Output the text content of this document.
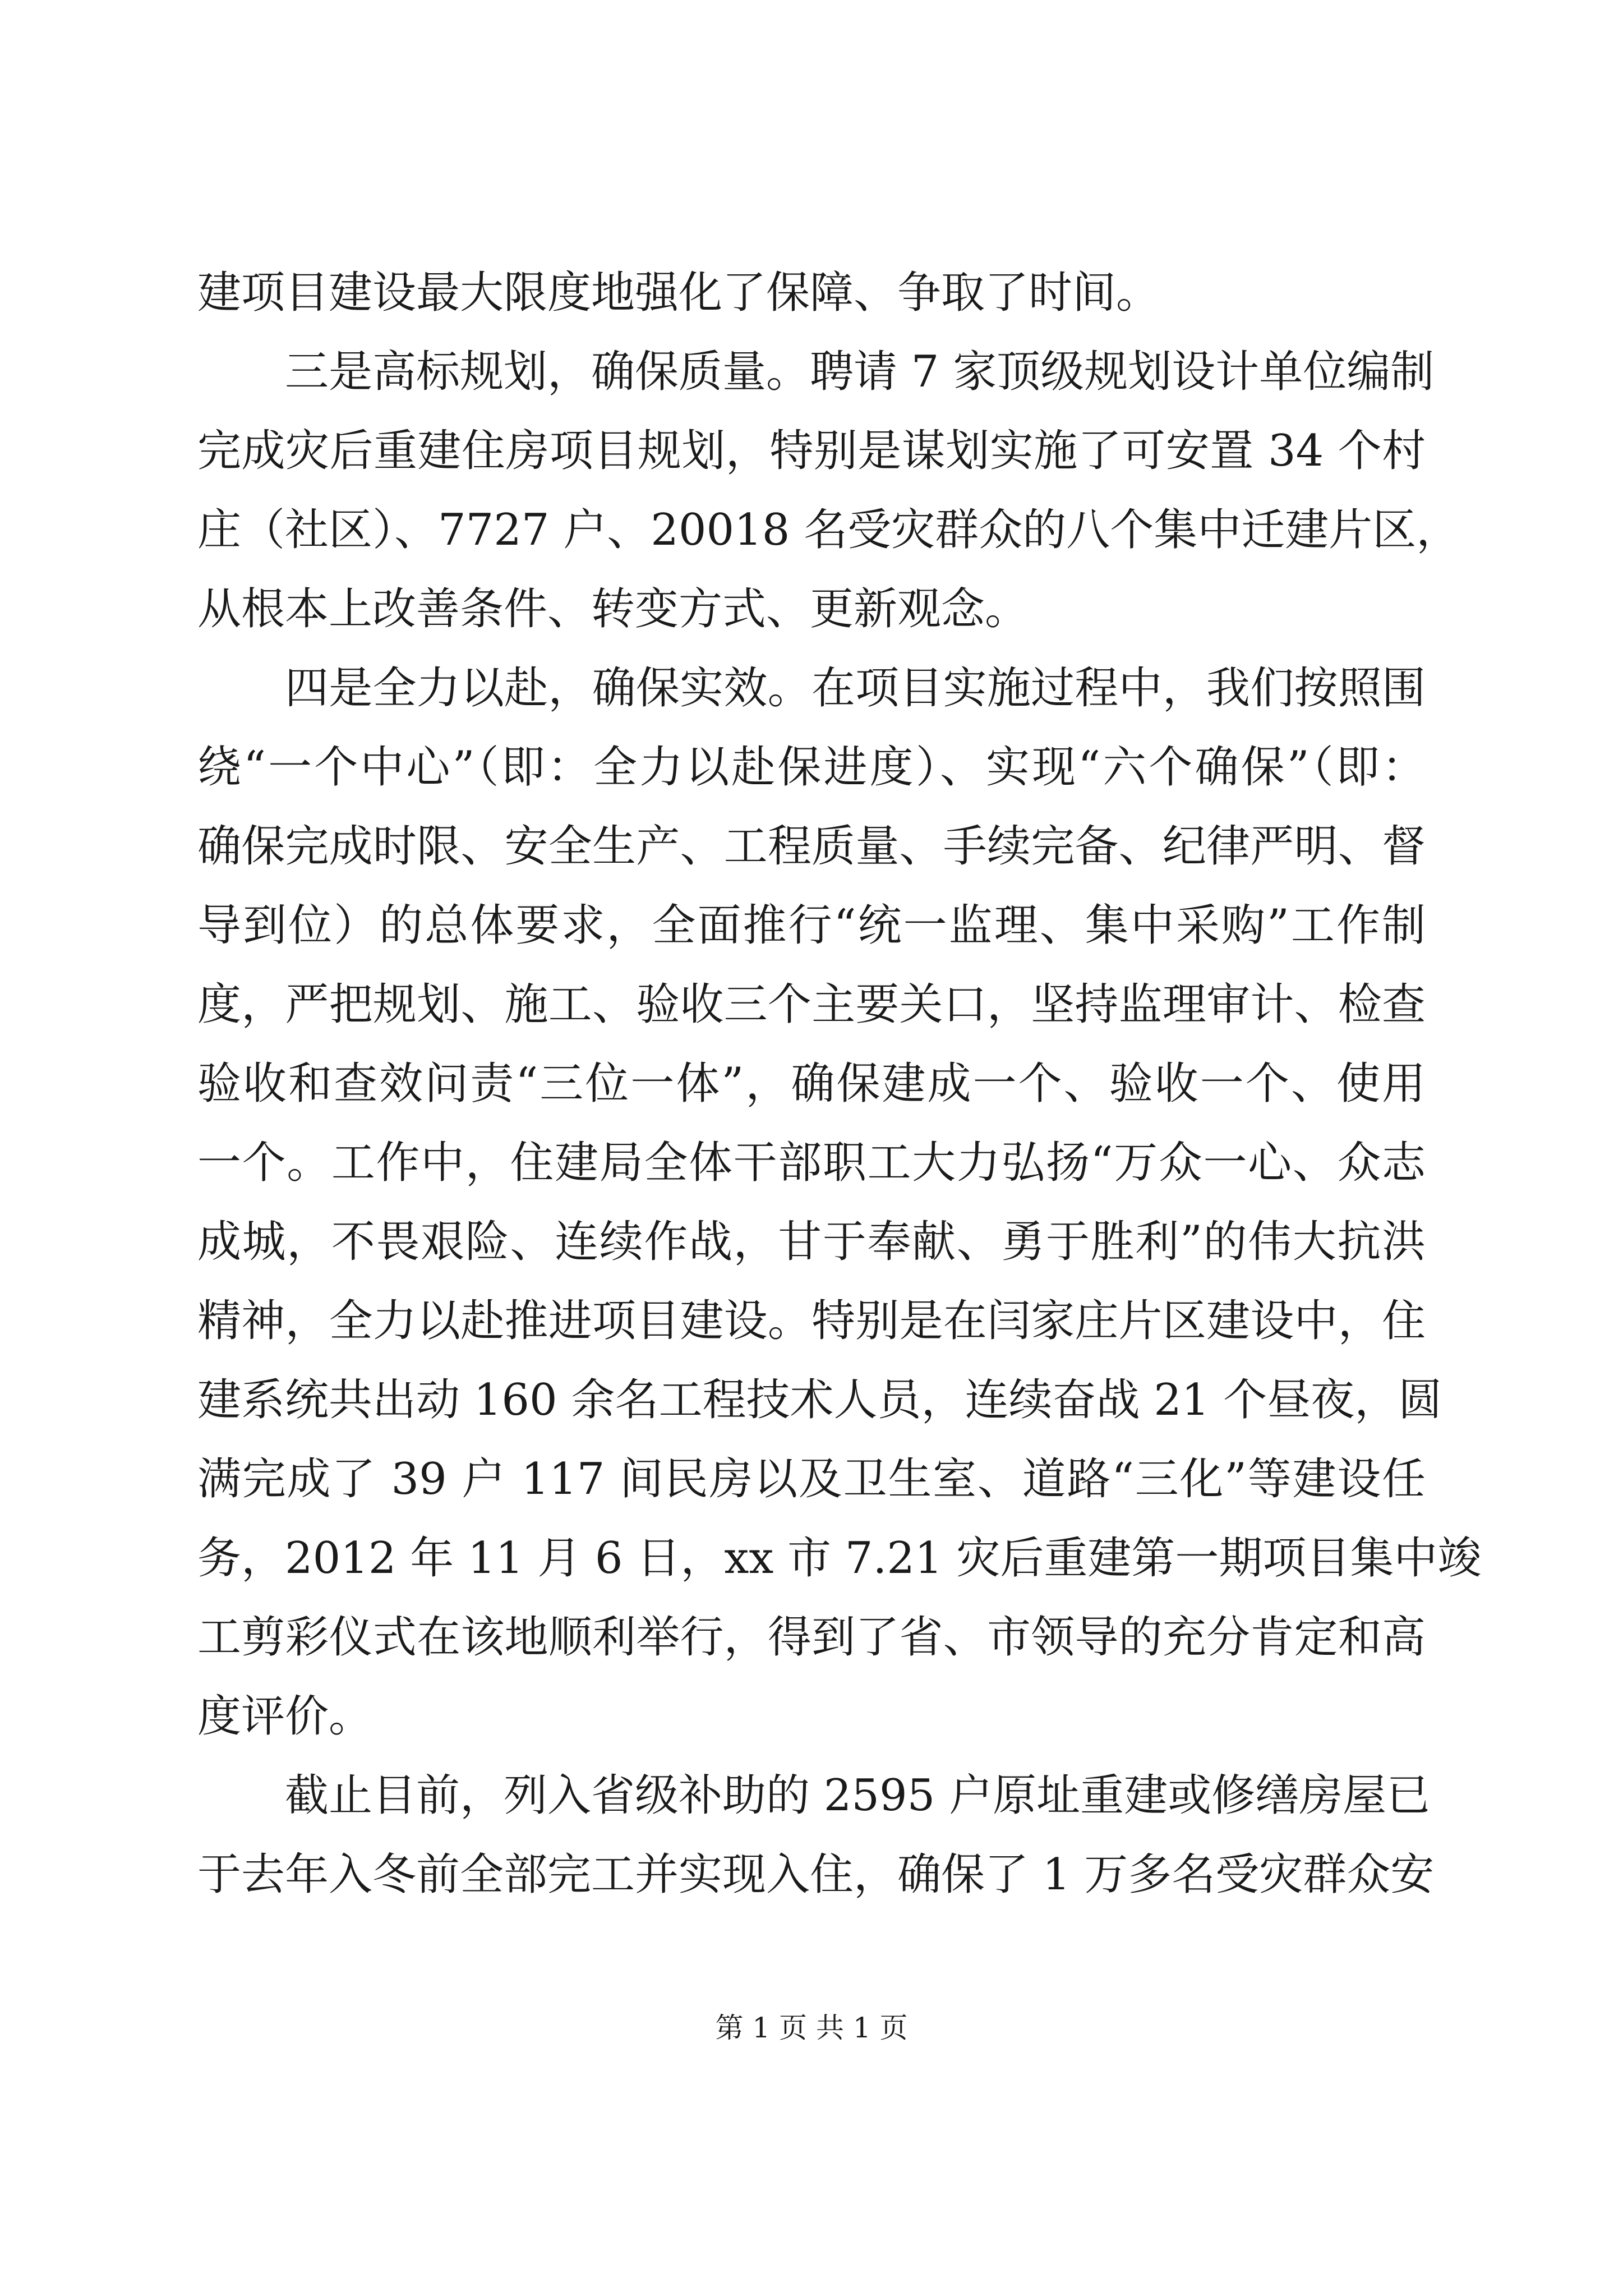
建项目建设最大限度地强化了保障、争取了时间。
三是高标规划，确保质量。聘请 7 家顶级规划设计单位编制
完成灾后重建住房项目规划，特别是谋划实施了可安置 34 个村
庄（社区）、7727 户、20018 名受灾群众的八个集中迁建片区，
从根本上改善条件、转变方式、更新观念。
四是全力以赴，确保实效。在项目实施过程中，我们按照围
绕“一个中心”（即：全力以赴保进度）、实现“六个确保”（即：
确保完成时限、安全生产、工程质量、手续完备、纪律严明、督
导到位）的总体要求，全面推行“统一监理、集中采购”工作制
度，严把规划、施工、验收三个主要关口，坚持监理审计、检查
验收和查效问责“三位一体”，确保建成一个、验收一个、使用
一个。工作中，住建局全体干部职工大力弘扬“万众一心、众志
成城，不畏艰险、连续作战，甘于奉献、勇于胜利”的伟大抗洪
精神，全力以赴推进项目建设。特别是在闫家庄片区建设中，住
建系统共出动 160 余名工程技术人员，连续奋战 21 个昼夜，圆
满完成了 39 户 117 间民房以及卫生室、道路“三化”等建设任
务，2012 年 11 月 6 日，xx 市 7.21 灾后重建第一期项目集中竣
工剪彩仪式在该地顺利举行，得到了省、市领导的充分肯定和高
度评价。
截止目前，列入省级补助的 2595 户原址重建或修缮房屋已
于去年入冬前全部完工并实现入住，确保了 1 万多名受灾群众安
第 1 页 共 1 页
